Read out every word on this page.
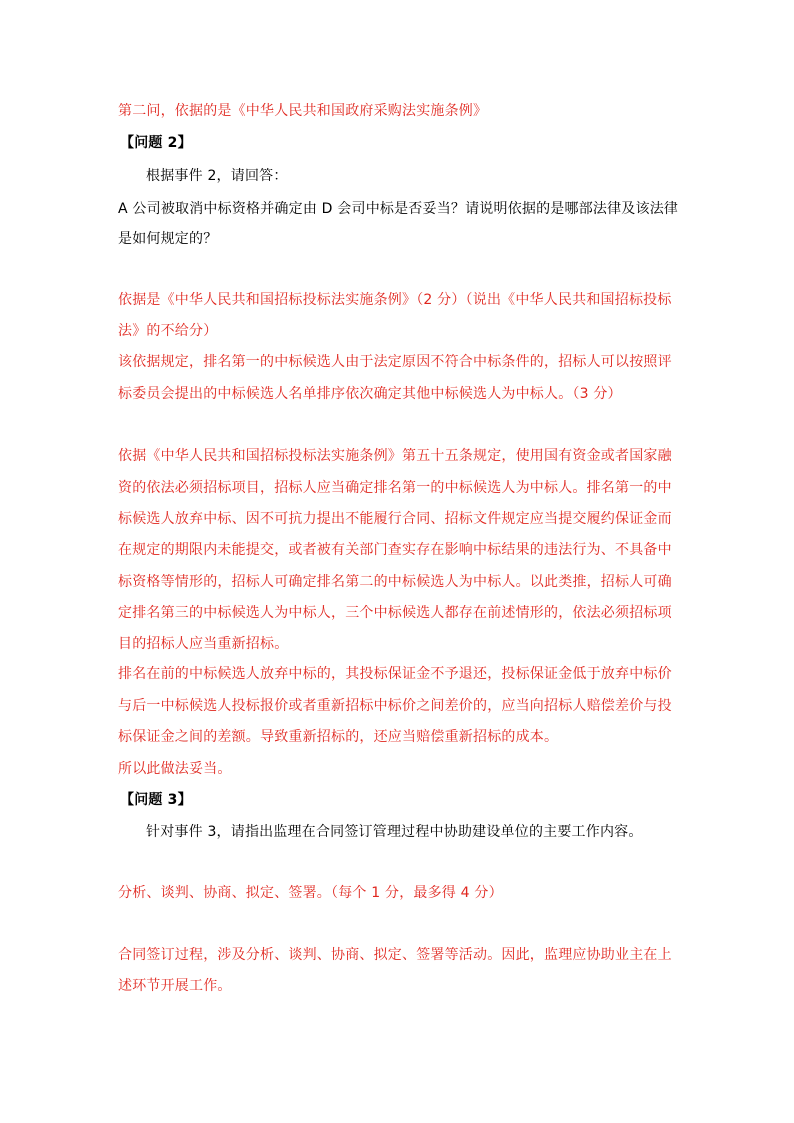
第二问，依据的是《中华人民共和国政府采购法实施条例》
【问题 2】
根据事件 2，请回答：
A 公司被取消中标资格并确定由 D 会司中标是否妥当？请说明依据的是哪部法律及该法律
是如何规定的？
依据是《中华人民共和国招标投标法实施条例》（2 分）（说出《中华人民共和国招标投标
法》的不给分）
该依据规定，排名第一的中标候选人由于法定原因不符合中标条件的，招标人可以按照评
标委员会提出的中标候选人名单排序依次确定其他中标候选人为中标人。（3 分）
依据《中华人民共和国招标投标法实施条例》第五十五条规定，使用国有资金或者国家融
资的依法必须招标项目，招标人应当确定排名第一的中标候选人为中标人。排名第一的中
标候选人放弃中标、因不可抗力提出不能履行合同、招标文件规定应当提交履约保证金而
在规定的期限内未能提交，或者被有关部门查实存在影响中标结果的违法行为、不具备中
标资格等情形的，招标人可确定排名第二的中标候选人为中标人。以此类推，招标人可确
定排名第三的中标候选人为中标人，三个中标候选人都存在前述情形的，依法必须招标项
目的招标人应当重新招标。
排名在前的中标候选人放弃中标的，其投标保证金不予退还，投标保证金低于放弃中标价
与后一中标候选人投标报价或者重新招标中标价之间差价的，应当向招标人赔偿差价与投
标保证金之间的差额。导致重新招标的，还应当赔偿重新招标的成本。
所以此做法妥当。
【问题 3】
针对事件 3，请指出监理在合同签订管理过程中协助建设单位的主要工作内容。
分析、谈判、协商、拟定、签署。（每个 1 分，最多得 4 分）
合同签订过程，涉及分析、谈判、协商、拟定、签署等活动。因此，监理应协助业主在上
述环节开展工作。
